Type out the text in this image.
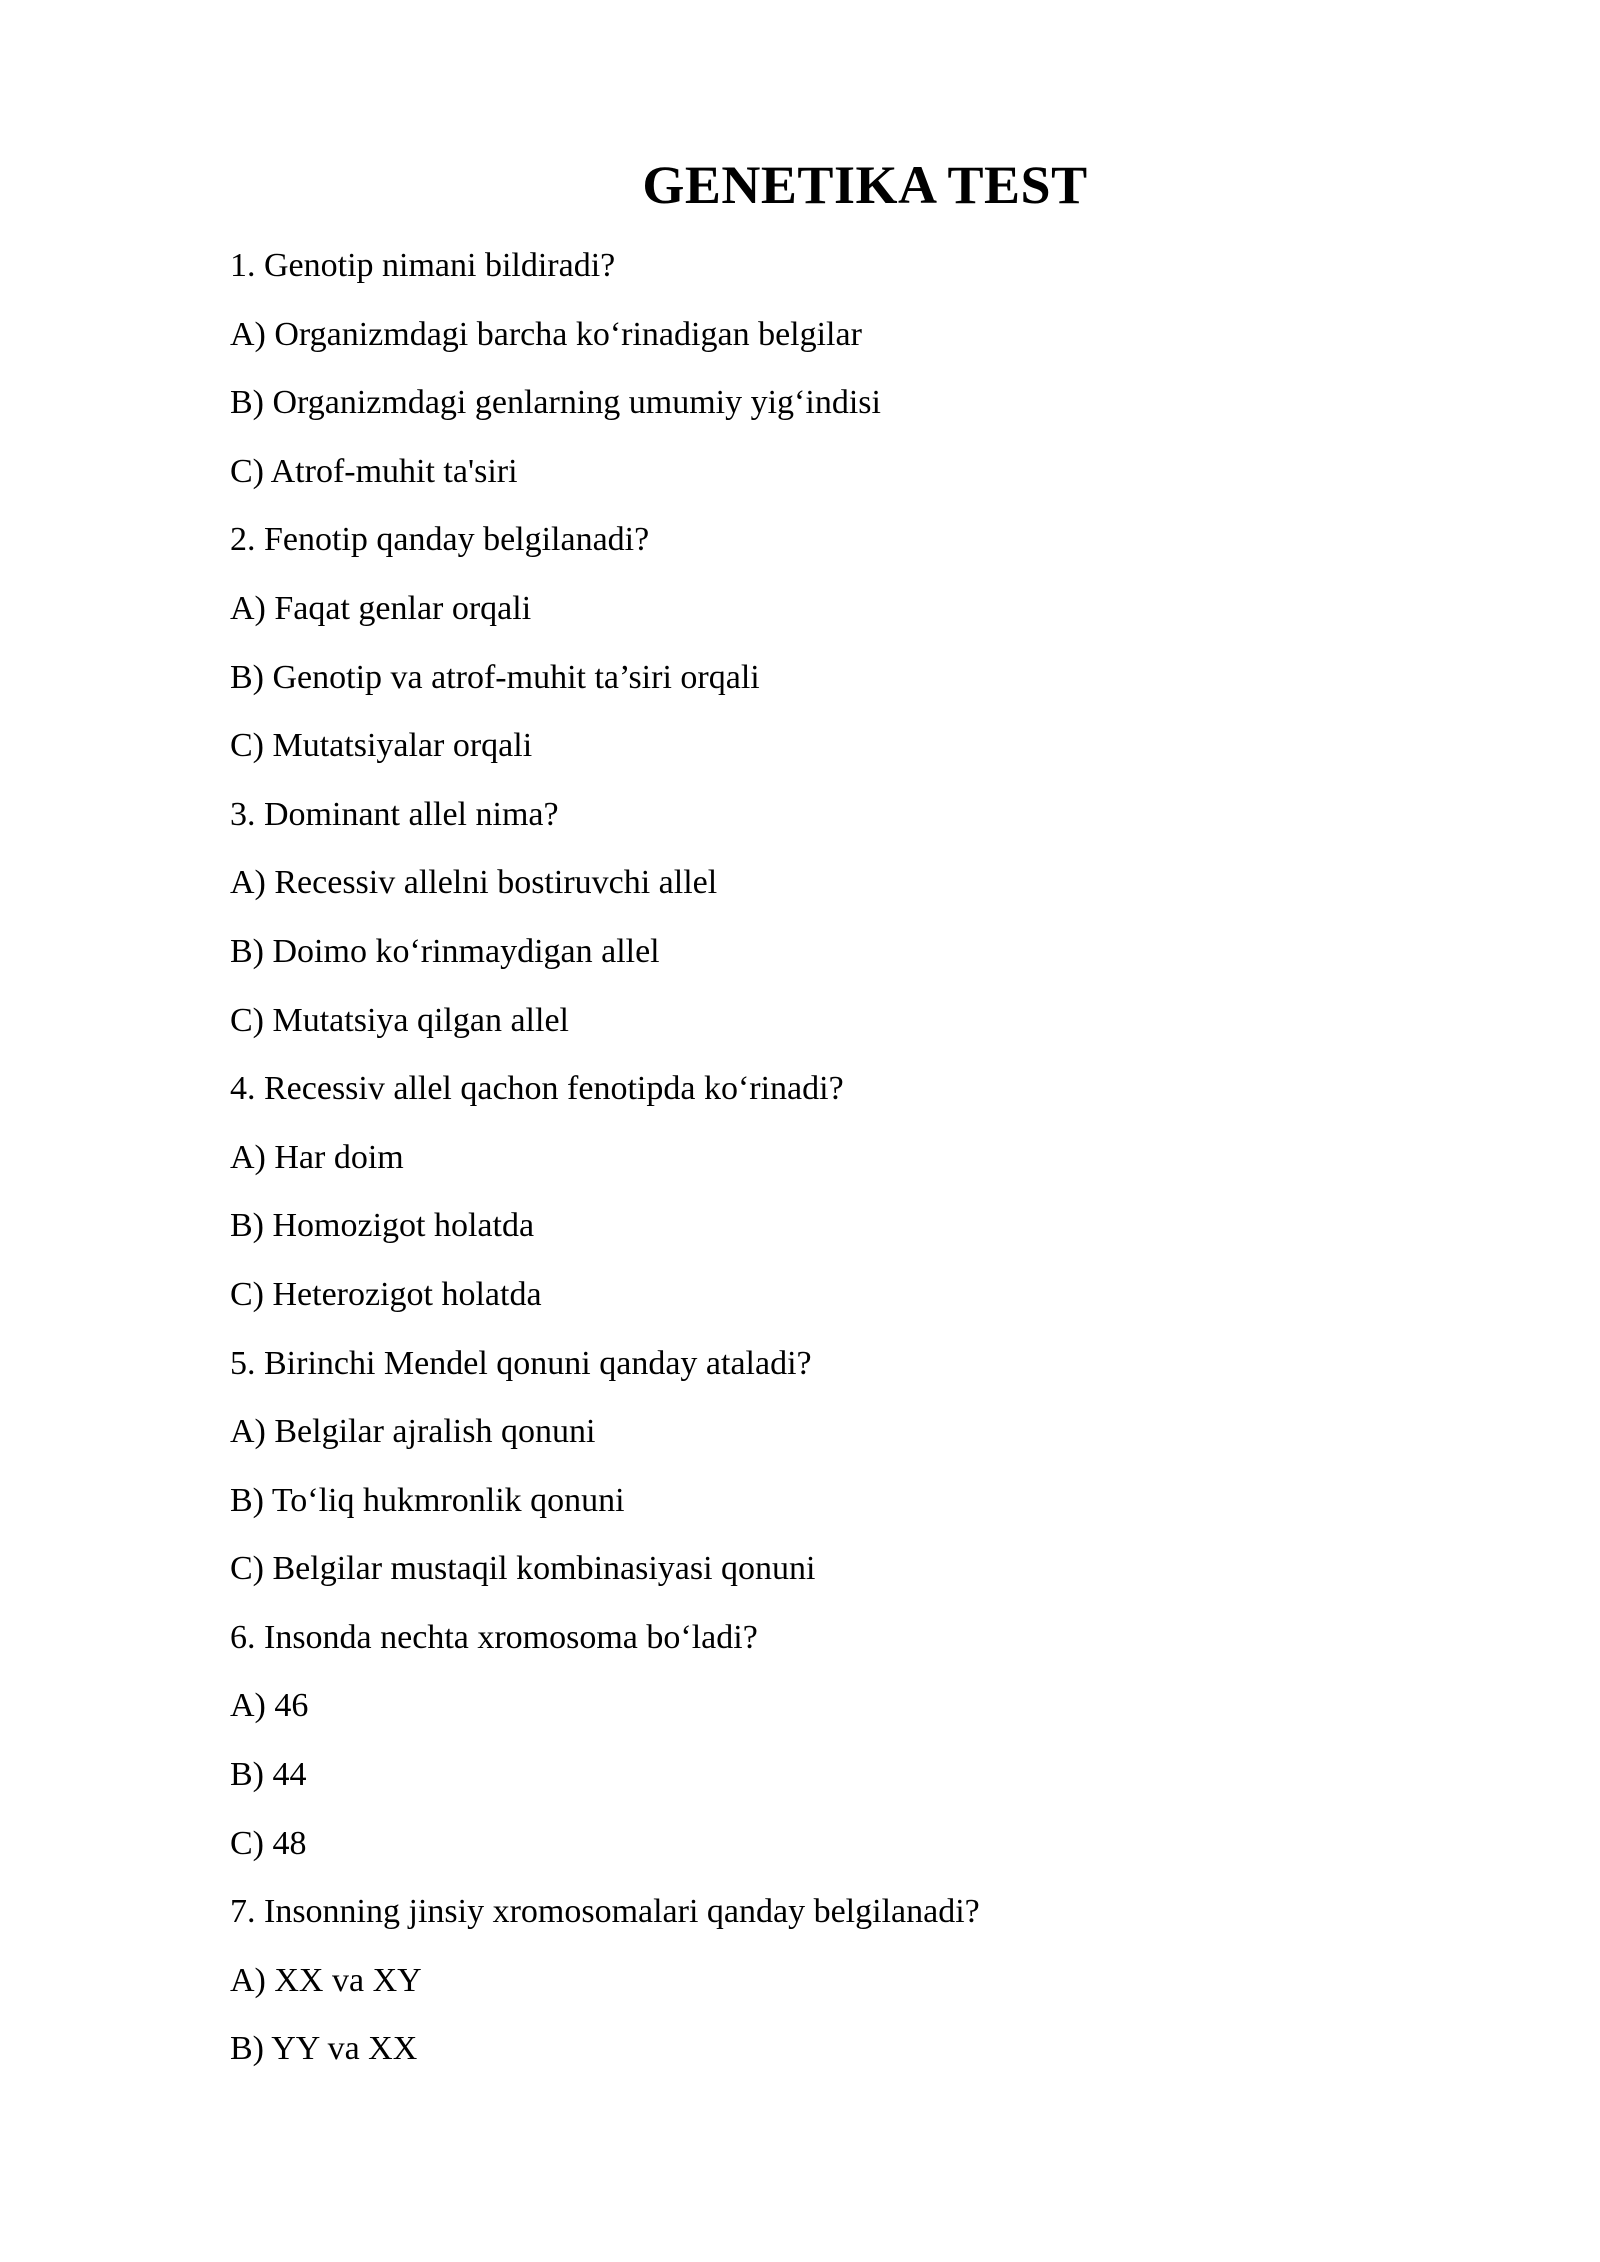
GENETIKA TEST
1. Genotip nimani bildiradi?
A) Organizmdagi barcha ko‘rinadigan belgilar
B) Organizmdagi genlarning umumiy yig‘indisi
C) Atrof-muhit ta'siri
2. Fenotip qanday belgilanadi?
A) Faqat genlar orqali
B) Genotip va atrof-muhit ta’siri orqali
C) Mutatsiyalar orqali
3. Dominant allel nima?
A) Recessiv allelni bostiruvchi allel
B) Doimo ko‘rinmaydigan allel
C) Mutatsiya qilgan allel
4. Recessiv allel qachon fenotipda ko‘rinadi?
A) Har doim
B) Homozigot holatda
C) Heterozigot holatda
5. Birinchi Mendel qonuni qanday ataladi?
A) Belgilar ajralish qonuni
B) To‘liq hukmronlik qonuni
C) Belgilar mustaqil kombinasiyasi qonuni
6. Insonda nechta xromosoma bo‘ladi?
A) 46
B) 44
C) 48
7. Insonning jinsiy xromosomalari qanday belgilanadi?
A) XX va XY
B) YY va XX
